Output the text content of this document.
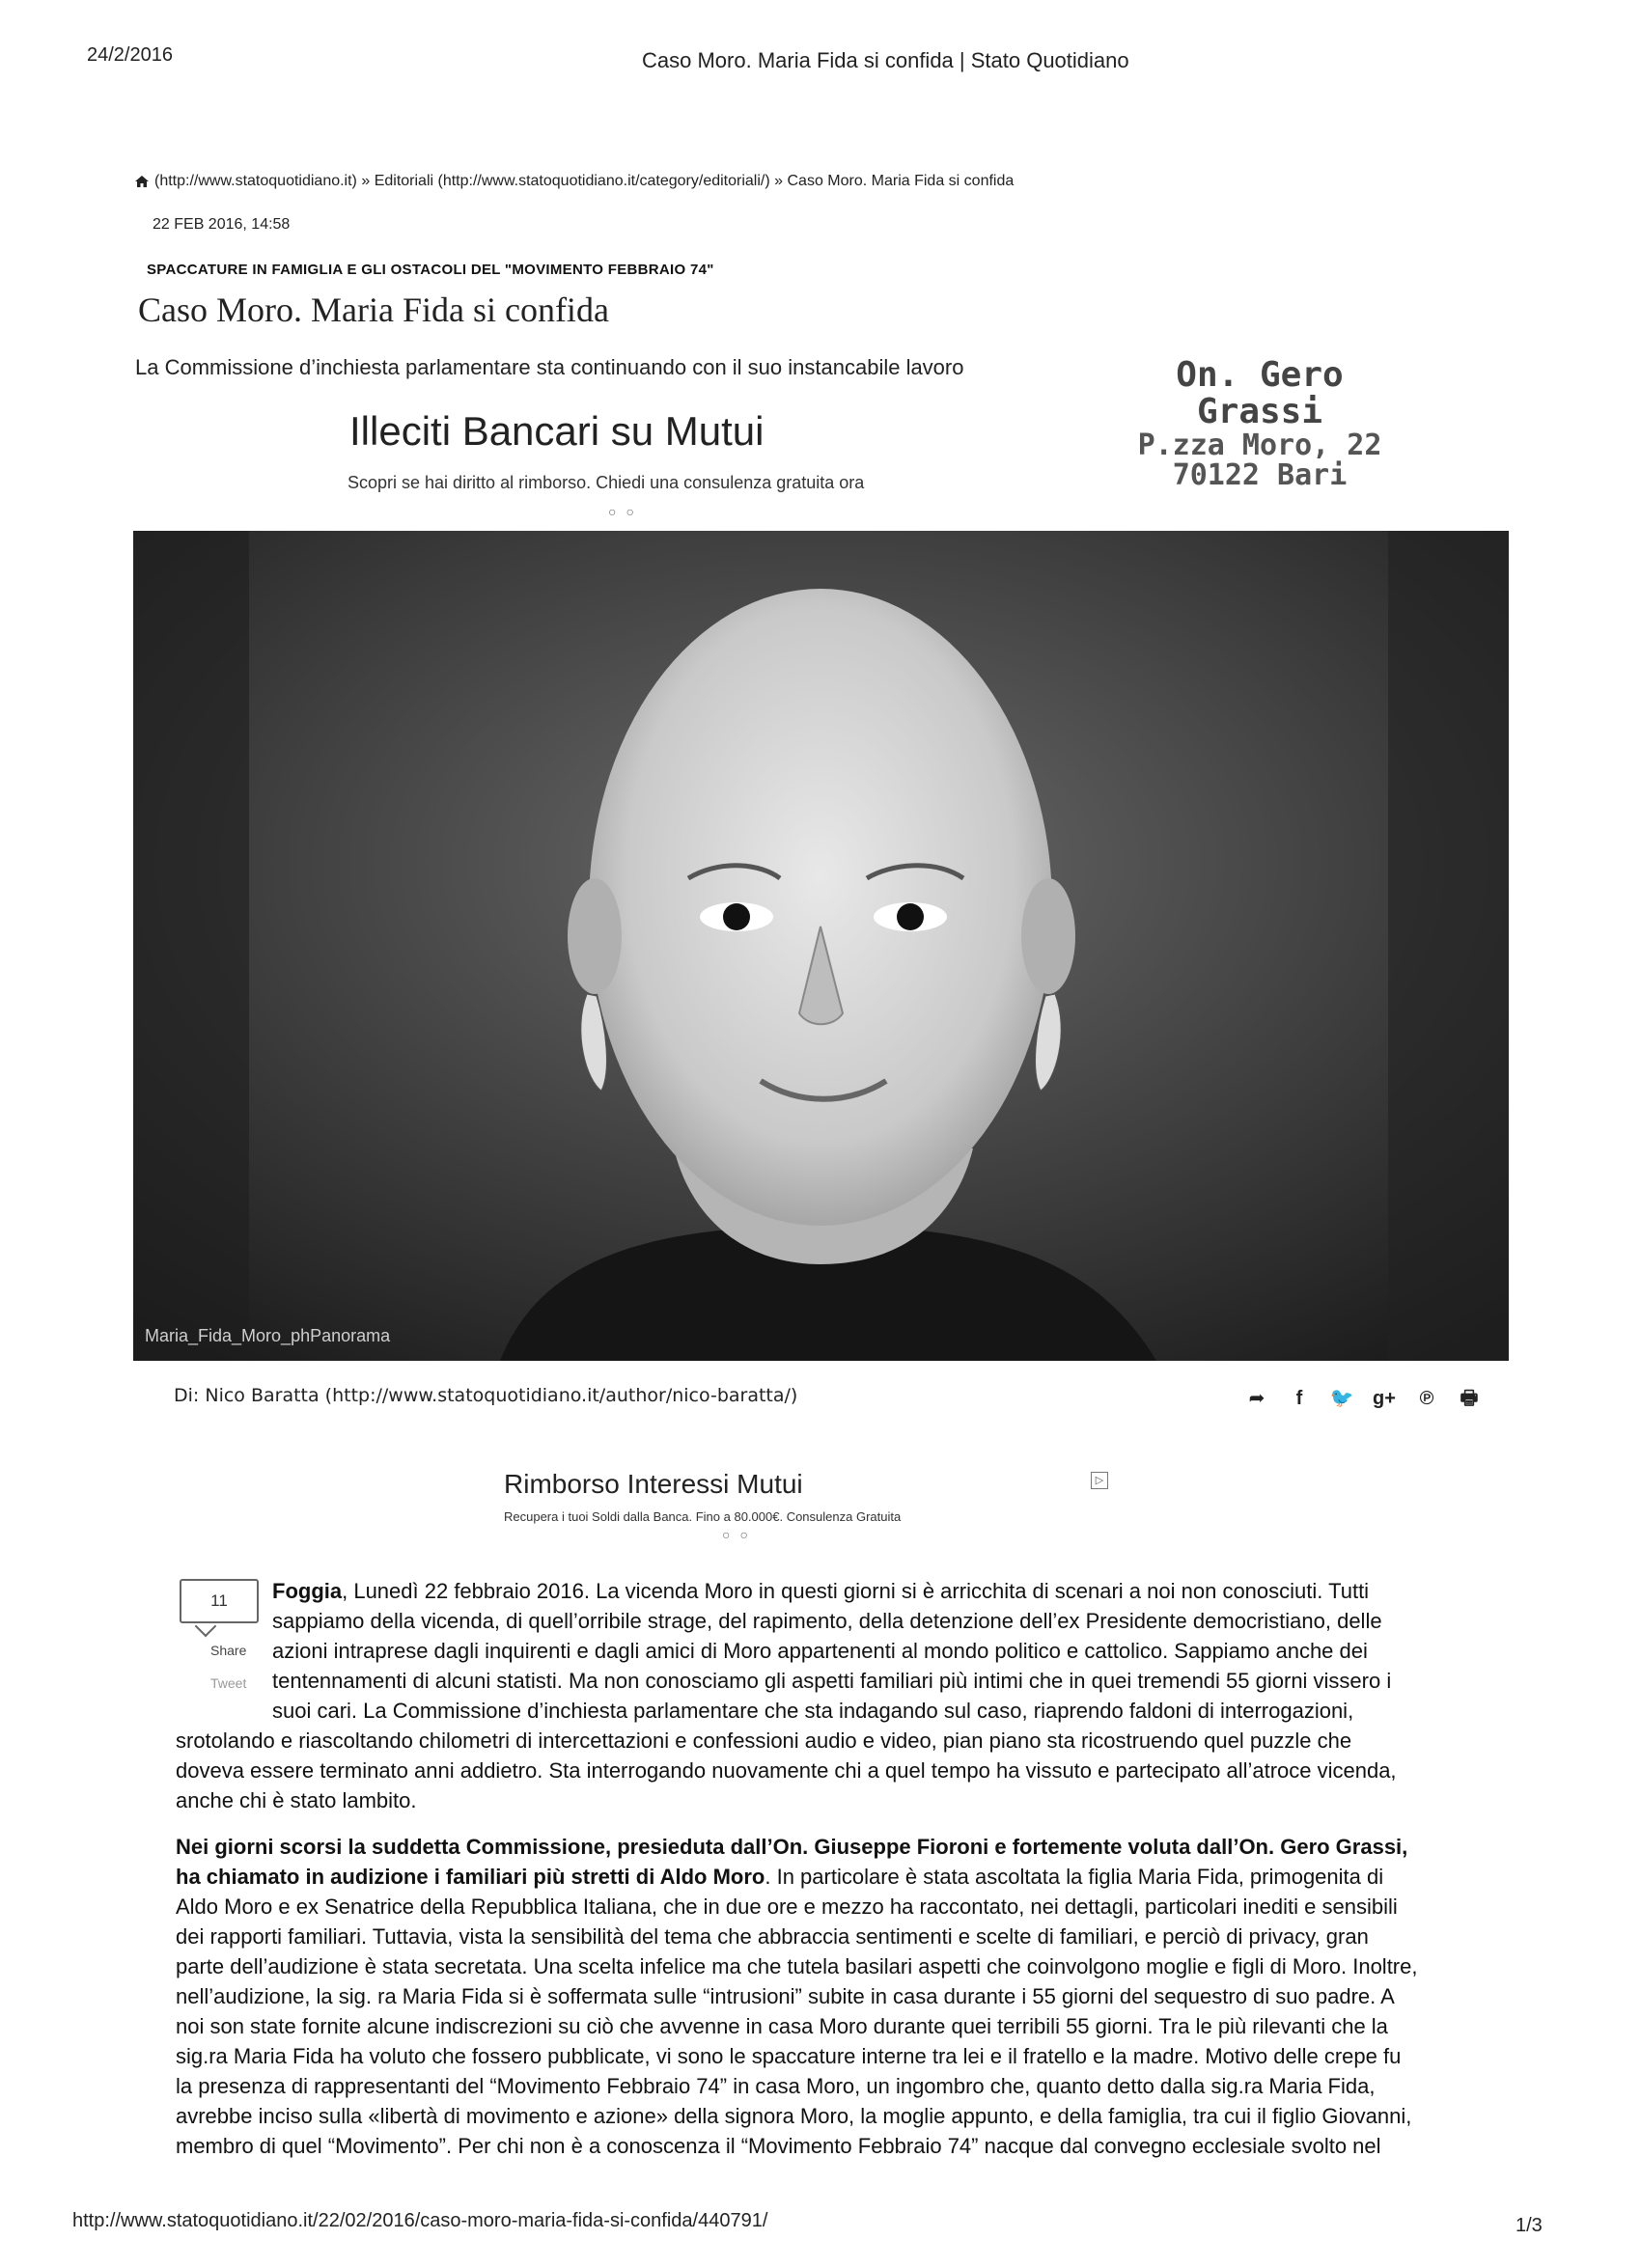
24/2/2016	Caso Moro. Maria Fida si confida | Stato Quotidiano
(http://www.statoquotidiano.it) » Editoriali (http://www.statoquotidiano.it/category/editoriali/) » Caso Moro. Maria Fida si confida
22 FEB 2016, 14:58
SPACCATURE IN FAMIGLIA E GLI OSTACOLI DEL "MOVIMENTO FEBBRAIO 74"
Caso Moro. Maria Fida si confida
La Commissione d’inchiesta parlamentare sta continuando con il suo instancabile lavoro	On. Gero Grassi
P.zza Moro, 22
70122 Bari
Illeciti Bancari su Mutui
Scopri se hai diritto al rimborso. Chiedi una consulenza gratuita ora
○○
Maria_Fida_Moro_phPanorama
Di: Nico Baratta (http://www.statoquotidiano.it/author/nico-baratta/)	➦ f 🐦 g+ ℗ 🖶
Rimborso Interessi Mutui
Recupera i tuoi Soldi dalla Banca. Fino a 80.000€. Consulenza Gratuita
○○
▷
11
Share
Tweet
Foggia, Lunedì 22 febbraio 2016. La vicenda Moro in questi giorni si è arricchita di scenari a noi non conosciuti. Tutti
sappiamo della vicenda, di quell’orribile strage, del rapimento, della detenzione dell’ex Presidente democristiano, delle
azioni intraprese dagli inquirenti e dagli amici di Moro appartenenti al mondo politico e cattolico. Sappiamo anche dei
tentennamenti di alcuni statisti. Ma non conosciamo gli aspetti familiari più intimi che in quei tremendi 55 giorni vissero i
suoi cari. La Commissione d’inchiesta parlamentare che sta indagando sul caso, riaprendo faldoni di interrogazioni,
srotolando e riascoltando chilometri di intercettazioni e confessioni audio e video, pian piano sta ricostruendo quel puzzle che
doveva essere terminato anni addietro. Sta interrogando nuovamente chi a quel tempo ha vissuto e partecipato all’atroce vicenda,
anche chi è stato lambito.
Nei giorni scorsi la suddetta Commissione, presieduta dall’On. Giuseppe Fioroni e fortemente voluta dall’On. Gero Grassi,
ha chiamato in audizione i familiari più stretti di Aldo Moro. In particolare è stata ascoltata la figlia Maria Fida, primogenita di
Aldo Moro e ex Senatrice della Repubblica Italiana, che in due ore e mezzo ha raccontato, nei dettagli, particolari inediti e sensibili
dei rapporti familiari. Tuttavia, vista la sensibilità del tema che abbraccia sentimenti e scelte di familiari, e perciò di privacy, gran
parte dell’audizione è stata secretata. Una scelta infelice ma che tutela basilari aspetti che coinvolgono moglie e figli di Moro. Inoltre,
nell’audizione, la sig. ra Maria Fida si è soffermata sulle “intrusioni” subite in casa durante i 55 giorni del sequestro di suo padre. A
noi son state fornite alcune indiscrezioni su ciò che avvenne in casa Moro durante quei terribili 55 giorni. Tra le più rilevanti che la
sig.ra Maria Fida ha voluto che fossero pubblicate, vi sono le spaccature interne tra lei e il fratello e la madre. Motivo delle crepe fu
la presenza di rappresentanti del “Movimento Febbraio 74” in casa Moro, un ingombro che, quanto detto dalla sig.ra Maria Fida,
avrebbe inciso sulla «libertà di movimento e azione» della signora Moro, la moglie appunto, e della famiglia, tra cui il figlio Giovanni,
membro di quel “Movimento”. Per chi non è a conoscenza il “Movimento Febbraio 74” nacque dal convegno ecclesiale svolto nel
http://www.statoquotidiano.it/22/02/2016/caso-moro-maria-fida-si-confida/440791/	1/3
